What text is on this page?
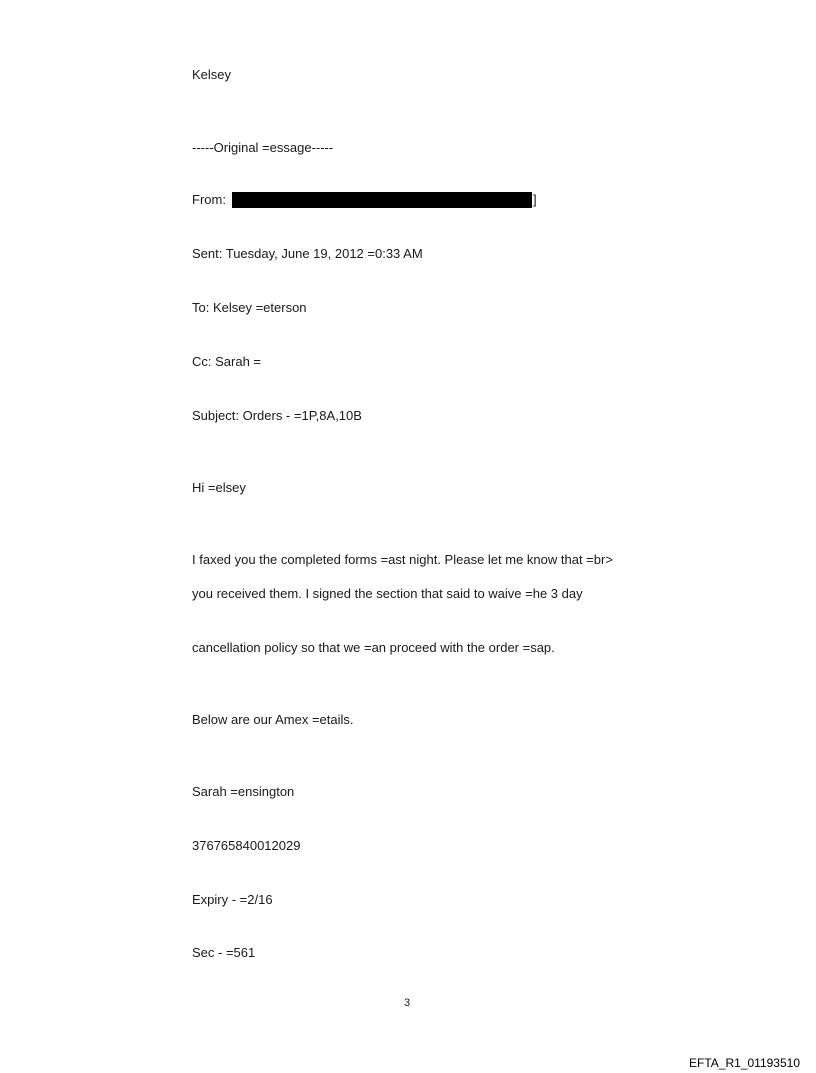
Kelsey
-----Original =essage-----
From:	]
Sent: Tuesday, June 19, 2012 =0:33 AM
To: Kelsey =eterson
Cc: Sarah =
Subject: Orders - =1P,8A,10B
Hi =elsey
I faxed you the completed forms =ast night. Please let me know that =br>
you received them. I signed the section that said to waive =he 3 day
cancellation policy so that we =an proceed with the order =sap.
Below are our Amex =etails.
Sarah =ensington
376765840012029
Expiry - =2/16
Sec - =561
3
EFTA_R1_01193510
